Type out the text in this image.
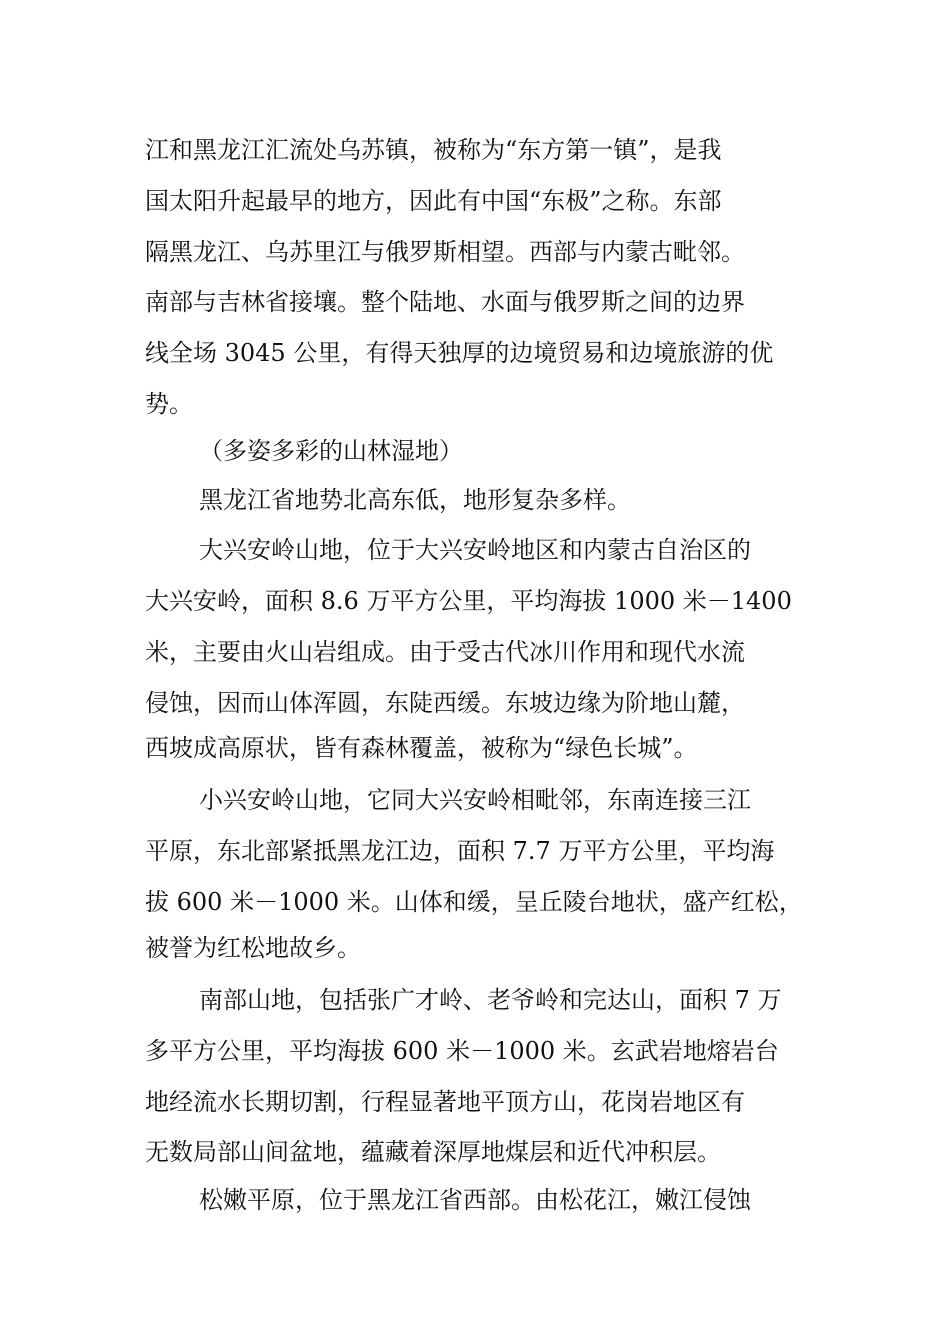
江和黑龙江汇流处乌苏镇，被称为“东方第一镇”，是我

国太阳升起最早的地方，因此有中国“东极”之称。东部

隔黑龙江、乌苏里江与俄罗斯相望。西部与内蒙古毗邻。

南部与吉林省接壤。整个陆地、水面与俄罗斯之间的边界

线全场 3045 公里，有得天独厚的边境贸易和边境旅游的优

势。

（多姿多彩的山林湿地）

黑龙江省地势北高东低，地形复杂多样。

大兴安岭山地，位于大兴安岭地区和内蒙古自治区的

大兴安岭，面积 8.6 万平方公里，平均海拔 1000 米－1400

米，主要由火山岩组成。由于受古代冰川作用和现代水流

侵蚀，因而山体浑圆，东陡西缓。东坡边缘为阶地山麓，

西坡成高原状，皆有森林覆盖，被称为“绿色长城”。

小兴安岭山地，它同大兴安岭相毗邻，东南连接三江

平原，东北部紧抵黑龙江边，面积 7.7 万平方公里，平均海

拔 600 米－1000 米。山体和缓，呈丘陵台地状，盛产红松，

被誉为红松地故乡。

南部山地，包括张广才岭、老爷岭和完达山，面积 7 万

多平方公里，平均海拔 600 米－1000 米。玄武岩地熔岩台

地经流水长期切割，行程显著地平顶方山，花岗岩地区有

无数局部山间盆地，蕴藏着深厚地煤层和近代冲积层。

松嫩平原，位于黑龙江省西部。由松花江，嫩江侵蚀
